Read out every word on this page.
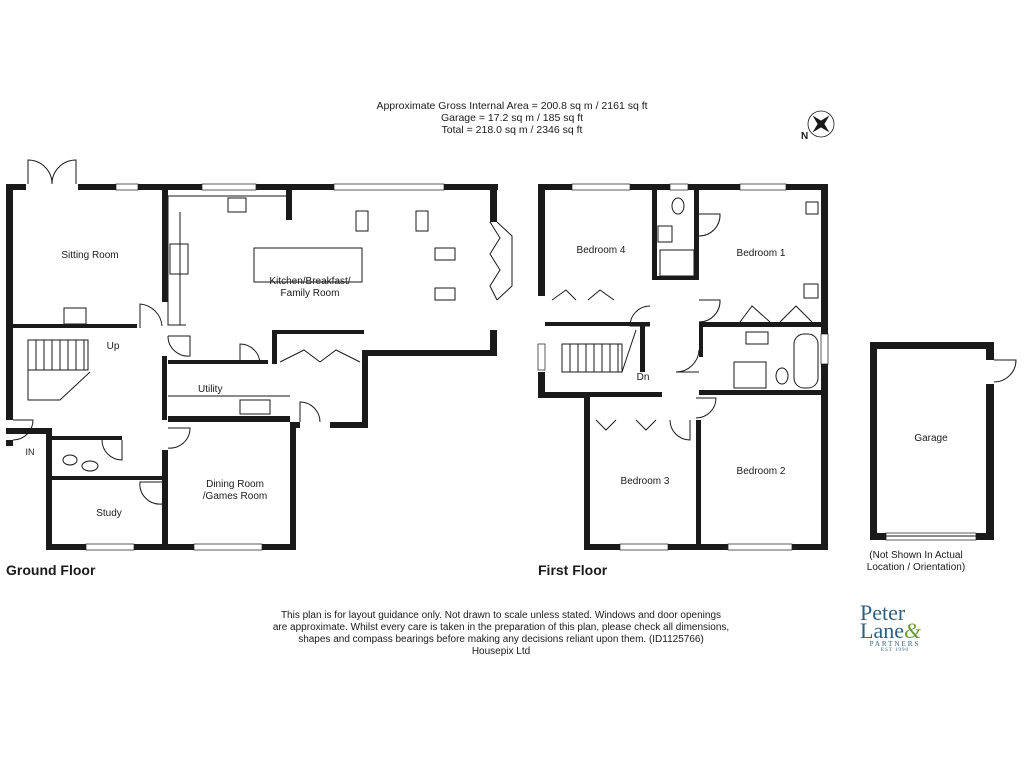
Approximate Gross Internal Area = 200.8 sq m / 2161 sq ft
Garage = 17.2 sq m / 185 sq ft
Total = 218.0 sq m / 2346 sq ft
N
Sitting Room
Kitchen/Breakfast/
Family Room
Utility
Dining Room
/Games Room
Study
Up
IN
Ground Floor
Bedroom 4	Bedroom 1
Bedroom 3
Bedroom 2
Dn
First Floor
Garage
(Not Shown In Actual
Location / Orientation)
This plan is for layout guidance only. Not drawn to scale unless stated. Windows and door openings
are approximate. Whilst every care is taken in the preparation of this plan, please check all dimensions,
shapes and compass bearings before making any decisions reliant upon them. (ID1125766)
Housepix Ltd
Peter
Lane&
PARTNERS
EST 1990
